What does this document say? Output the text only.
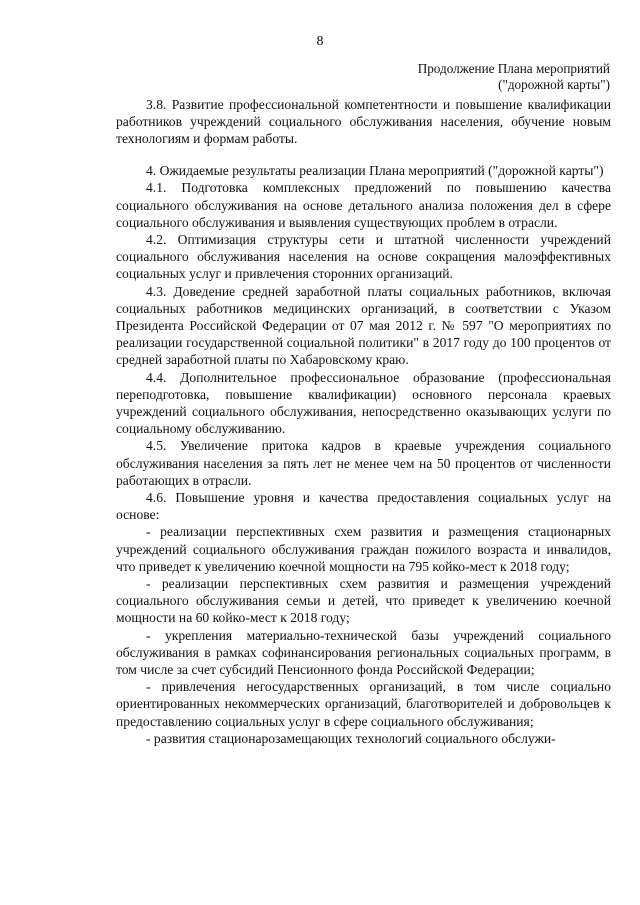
8
Продолжение Плана мероприятий
("дорожной карты")

3.8. Развитие профессиональной компетентности и повышение квалификации работников учреждений социального обслуживания населения, обучение новым технологиям и формам работы.

4. Ожидаемые результаты реализации Плана мероприятий ("дорожной карты")

4.1. Подготовка комплексных предложений по повышению качества социального обслуживания на основе детального анализа положения дел в сфере социального обслуживания и выявления существующих проблем в отрасли.

4.2. Оптимизация структуры сети и штатной численности учреждений социального обслуживания населения на основе сокращения малоэффективных социальных услуг и привлечения сторонних организаций.

4.3. Доведение средней заработной платы социальных работников, включая социальных работников медицинских организаций, в соответствии с Указом Президента Российской Федерации от 07 мая 2012 г. № 597 "О мероприятиях по реализации государственной социальной политики" в 2017 году до 100 процентов от средней заработной платы по Хабаровскому краю.

4.4. Дополнительное профессиональное образование (профессиональная переподготовка, повышение квалификации) основного персонала краевых учреждений социального обслуживания, непосредственно оказывающих услуги по социальному обслуживанию.

4.5. Увеличение притока кадров в краевые учреждения социального обслуживания населения за пять лет не менее чем на 50 процентов от численности работающих в отрасли.

4.6. Повышение уровня и качества предоставления социальных услуг на основе:

- реализации перспективных схем развития и размещения стационарных учреждений социального обслуживания граждан пожилого возраста и инвалидов, что приведет к увеличению коечной мощности на 795 койко-мест к 2018 году;

- реализации перспективных схем развития и размещения учреждений социального обслуживания семьи и детей, что приведет к увеличению коечной мощности на 60 койко-мест к 2018 году;

- укрепления материально-технической базы учреждений социального обслуживания в рамках софинансирования региональных социальных программ, в том числе за счет субсидий Пенсионного фонда Российской Федерации;

- привлечения негосударственных организаций, в том числе социально ориентированных некоммерческих организаций, благотворителей и добровольцев к предоставлению социальных услуг в сфере социального обслуживания;

- развития стационарозамещающих технологий социального обслужи-
